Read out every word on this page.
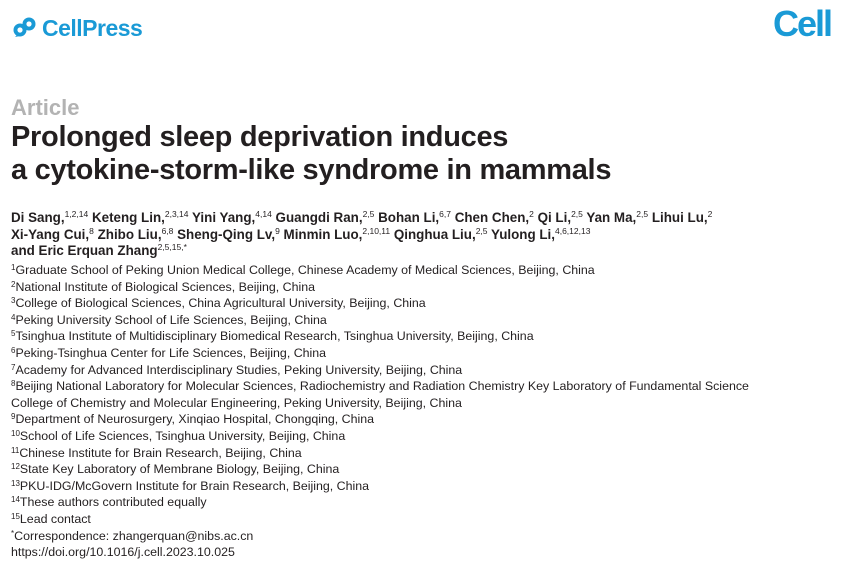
CellPress	Cell
Article
Prolonged sleep deprivation induces
a cytokine-storm-like syndrome in mammals
Di Sang,$^{1,2,14}$ Keteng Lin,$^{2,3,14}$ Yini Yang,$^{4,14}$ Guangdi Ran,$^{2,5}$ Bohan Li,$^{6,7}$ Chen Chen,$^2$ Qi Li,$^{2,5}$ Yan Ma,$^{2,5}$ Lihui Lu,$^2$
Xi-Yang Cui,$^8$ Zhibo Liu,$^{6,8}$ Sheng-Qing Lv,$^9$ Minmin Luo,$^{2,10,11}$ Qinghua Liu,$^{2,5}$ Yulong Li,$^{4,6,12,13}$
and Eric Erquan Zhang$^{2,5,15,*}$
$^1$Graduate School of Peking Union Medical College, Chinese Academy of Medical Sciences, Beijing, China
$^2$National Institute of Biological Sciences, Beijing, China
$^3$College of Biological Sciences, China Agricultural University, Beijing, China
$^4$Peking University School of Life Sciences, Beijing, China
$^5$Tsinghua Institute of Multidisciplinary Biomedical Research, Tsinghua University, Beijing, China
$^6$Peking-Tsinghua Center for Life Sciences, Beijing, China
$^7$Academy for Advanced Interdisciplinary Studies, Peking University, Beijing, China
$^8$Beijing National Laboratory for Molecular Sciences, Radiochemistry and Radiation Chemistry Key Laboratory of Fundamental Science
College of Chemistry and Molecular Engineering, Peking University, Beijing, China
$^9$Department of Neurosurgery, Xinqiao Hospital, Chongqing, China
$^{10}$School of Life Sciences, Tsinghua University, Beijing, China
$^{11}$Chinese Institute for Brain Research, Beijing, China
$^{12}$State Key Laboratory of Membrane Biology, Beijing, China
$^{13}$PKU-IDG/McGovern Institute for Brain Research, Beijing, China
$^{14}$These authors contributed equally
$^{15}$Lead contact
*Correspondence: zhangerquan@nibs.ac.cn
https://doi.org/10.1016/j.cell.2023.10.025
